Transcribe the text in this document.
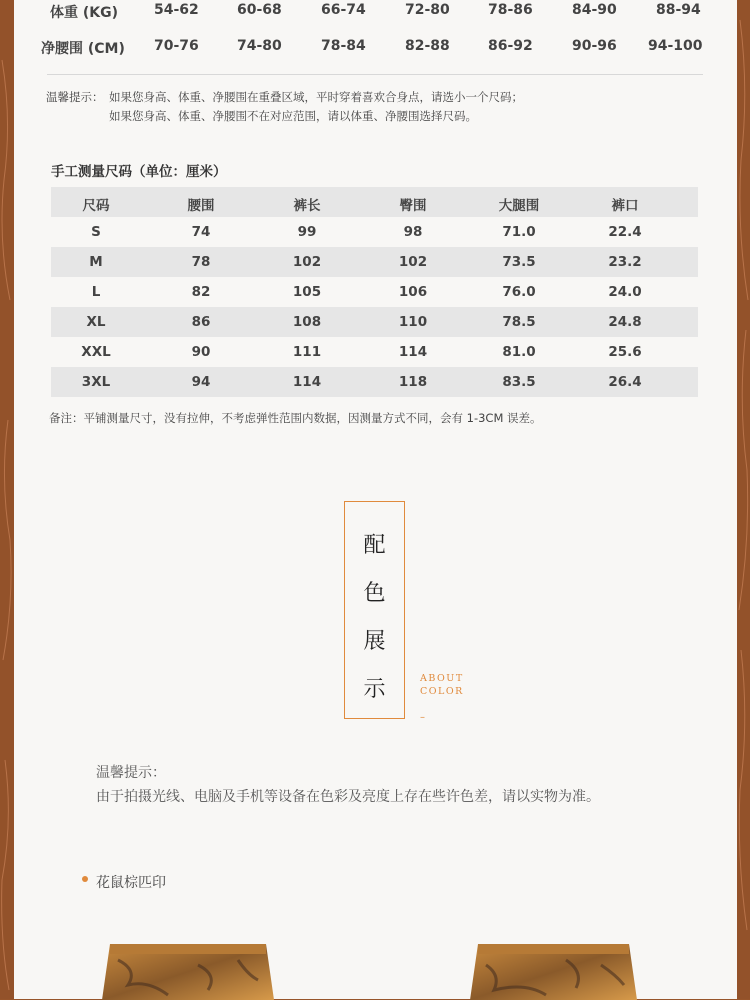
体重 (KG)	54-62	60-68	66-74	72-80	78-86	84-90	88-94
净腰围 (CM) 70-76	74-80	78-84	82-88	86-92	90-96 94-100
温馨提示： 如果您身高、体重、净腰围在重叠区域，平时穿着喜欢合身点，请选小一个尺码；
如果您身高、体重、净腰围不在对应范围，请以体重、净腰围选择尺码。
手工测量尺码（单位：厘米）
尺码	腰围	裤长	臀围	大腿围	裤口
S	74	99	98	71.0	22.4
M	78	102	102	73.5	23.2
L	82	105	106	76.0	24.0
XL	86	108	110	78.5	24.8
XXL	90	111	114	81.0	25.6
3XL	94	114	118	83.5	26.4
备注：平铺测量尺寸，没有拉伸，不考虑弹性范围内数据，因测量方式不同，会有 1-3CM 误差。
配
色
展
示	ABOUT
COLOR
–
温馨提示：
由于拍摄光线、电脑及手机等设备在色彩及亮度上存在些许色差，请以实物为准。
花鼠棕匹印
